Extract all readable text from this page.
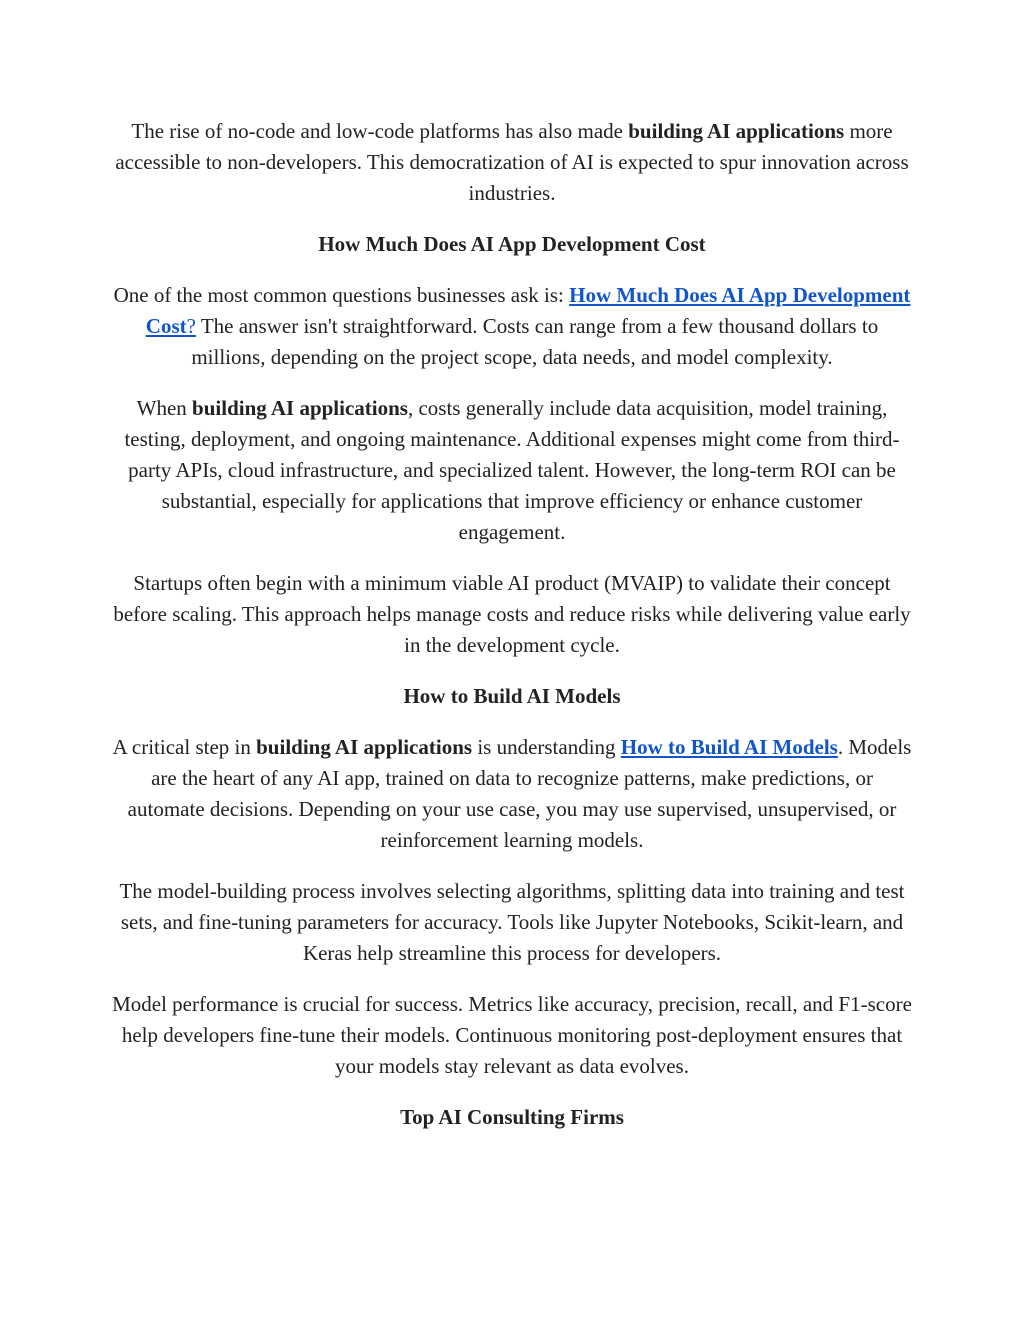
The rise of no-code and low-code platforms has also made building AI applications more accessible to non-developers. This democratization of AI is expected to spur innovation across industries.

How Much Does AI App Development Cost

One of the most common questions businesses ask is: How Much Does AI App Development Cost? The answer isn't straightforward. Costs can range from a few thousand dollars to millions, depending on the project scope, data needs, and model complexity.

When building AI applications, costs generally include data acquisition, model training, testing, deployment, and ongoing maintenance. Additional expenses might come from third-party APIs, cloud infrastructure, and specialized talent. However, the long-term ROI can be substantial, especially for applications that improve efficiency or enhance customer engagement.

Startups often begin with a minimum viable AI product (MVAIP) to validate their concept before scaling. This approach helps manage costs and reduce risks while delivering value early in the development cycle.

How to Build AI Models

A critical step in building AI applications is understanding How to Build AI Models. Models are the heart of any AI app, trained on data to recognize patterns, make predictions, or automate decisions. Depending on your use case, you may use supervised, unsupervised, or reinforcement learning models.

The model-building process involves selecting algorithms, splitting data into training and test sets, and fine-tuning parameters for accuracy. Tools like Jupyter Notebooks, Scikit-learn, and Keras help streamline this process for developers.

Model performance is crucial for success. Metrics like accuracy, precision, recall, and F1-score help developers fine-tune their models. Continuous monitoring post-deployment ensures that your models stay relevant as data evolves.

Top AI Consulting Firms
